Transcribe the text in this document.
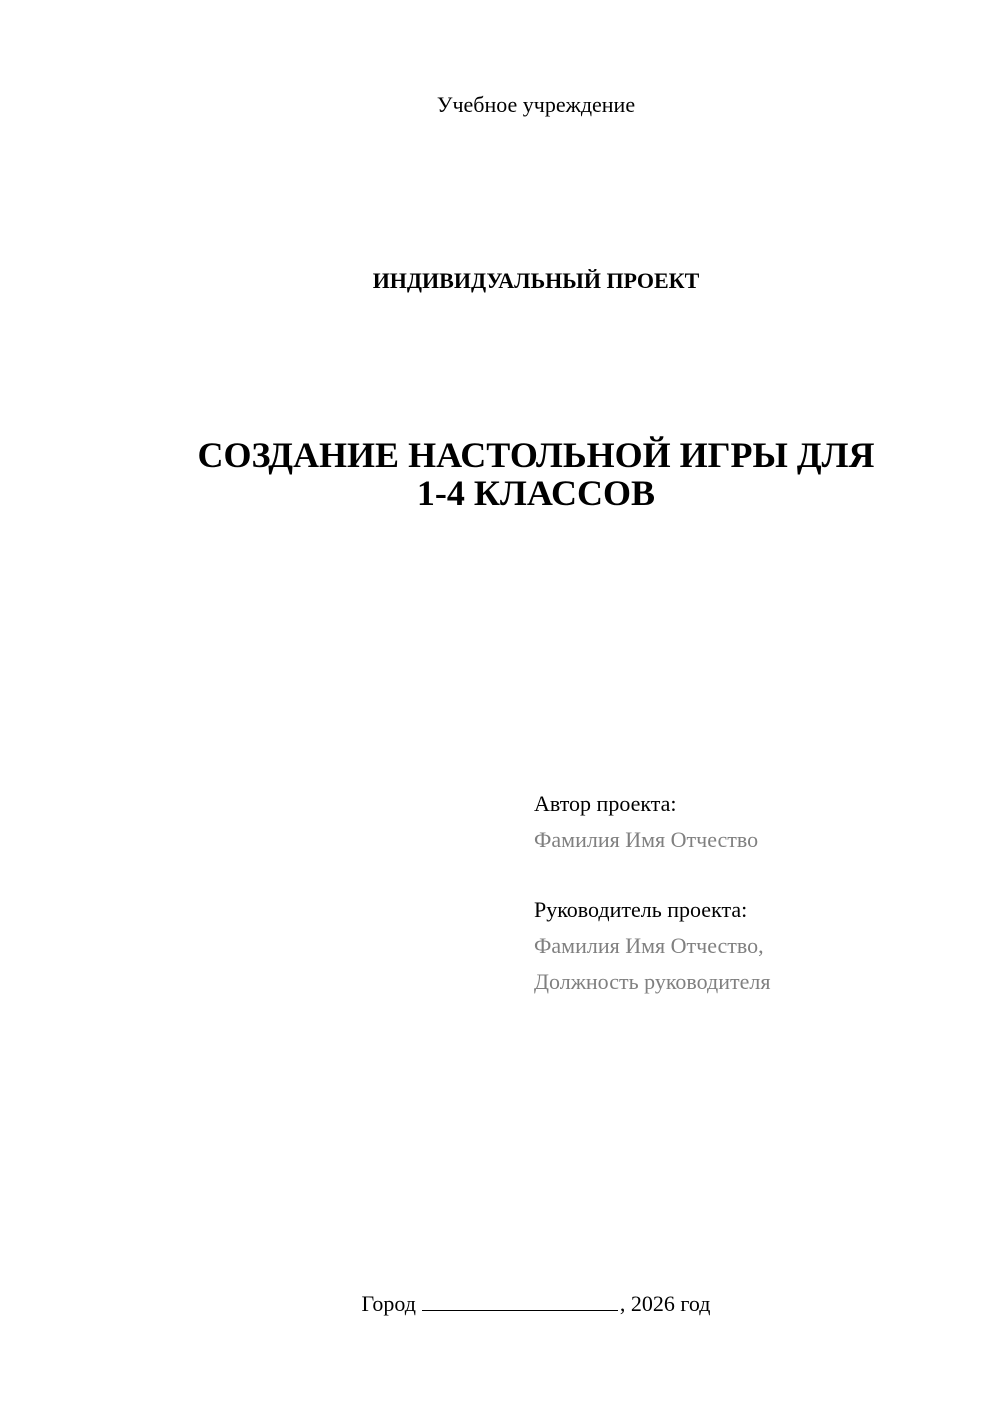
Учебное учреждение
ИНДИВИДУАЛЬНЫЙ ПРОЕКТ
СОЗДАНИЕ НАСТОЛЬНОЙ ИГРЫ ДЛЯ
1-4 КЛАССОВ
Автор проекта:
Фамилия Имя Отчество
Руководитель проекта:
Фамилия Имя Отчество,
Должность руководителя
Город	, 2026 год
